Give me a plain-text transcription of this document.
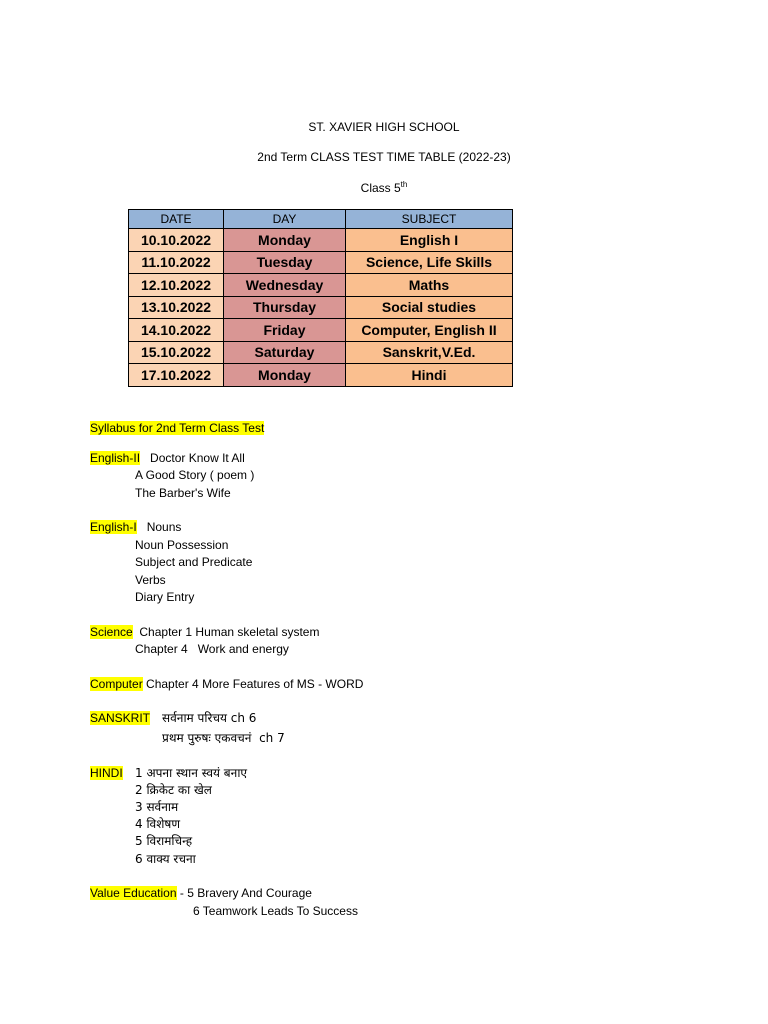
ST. XAVIER HIGH SCHOOL
2nd Term CLASS TEST TIME TABLE (2022-23)
Class 5th
DATE	DAY	SUBJECT
10.10.2022	Monday	English I
11.10.2022	Tuesday	Science, Life Skills
12.10.2022	Wednesday	Maths
13.10.2022	Thursday	Social studies
14.10.2022	Friday	Computer, English II
15.10.2022	Saturday	Sanskrit,V.Ed.
17.10.2022	Monday	Hindi
Syllabus for 2nd Term Class Test
English-II Doctor Know It All
A Good Story ( poem )
The Barber's Wife
English-I Nouns
Noun Possession
Subject and Predicate
Verbs
Diary Entry
Science Chapter 1 Human skeletal system
Chapter 4   Work and energy
Computer Chapter 4 More Features of MS - WORD
SANSKRIT सर्वनाम परिचय ch 6
प्रथम पुरुषः एकवचनं  ch 7
HINDI 1 अपना स्थान स्वयं बनाए
2 क्रिकेट का खेल
3 सर्वनाम
4 विशेषण
5 विरामचिन्ह
6 वाक्य रचना
Value Education - 5 Bravery And Courage
6 Teamwork Leads To Success
